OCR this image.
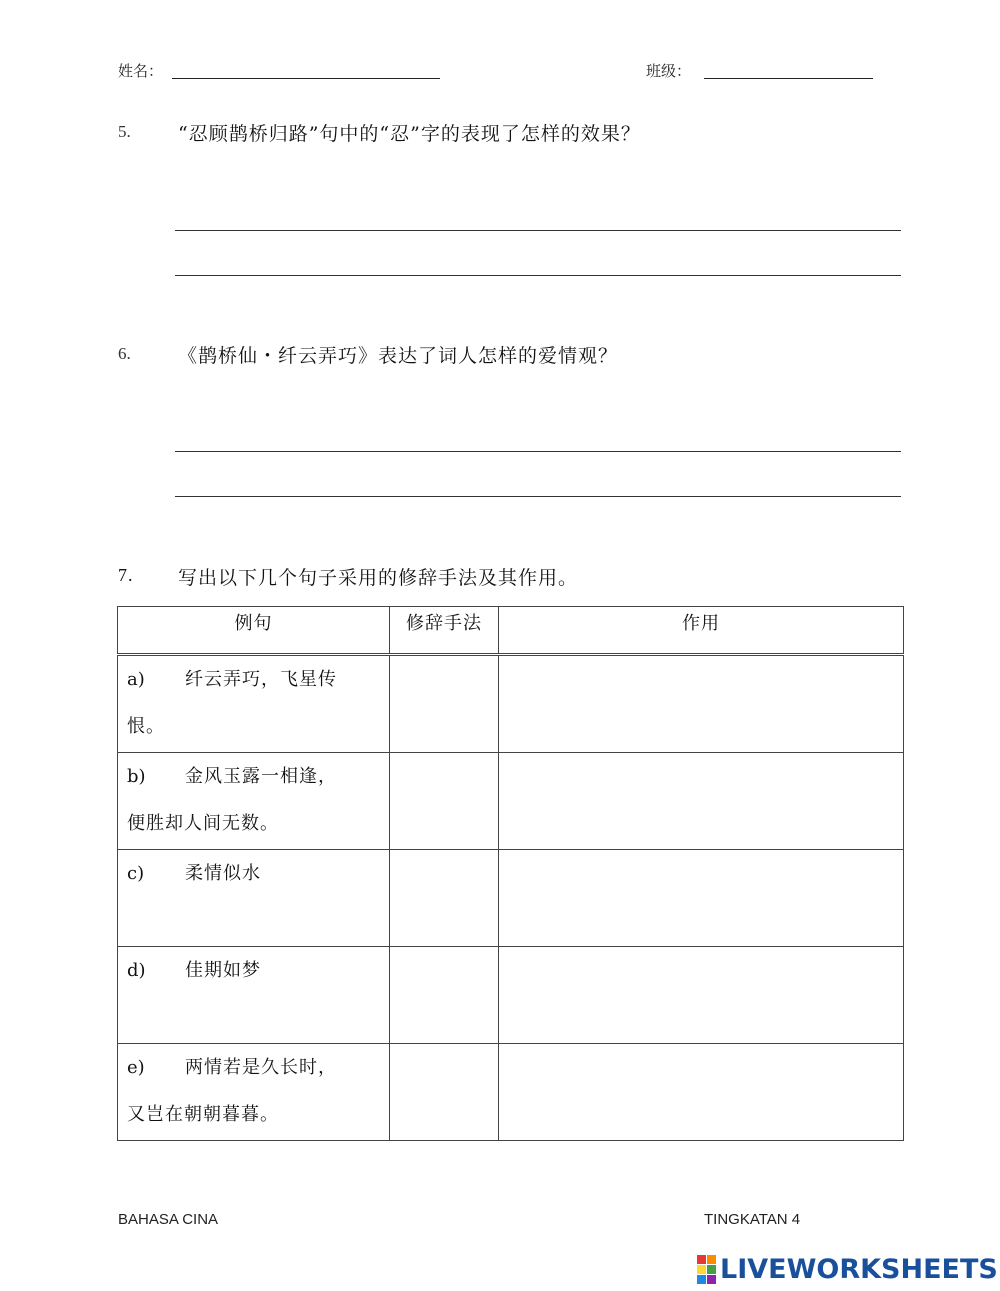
姓名：	班级：
5. “忍顾鹊桥归路”句中的“忍”字的表现了怎样的效果？
6. 《鹊桥仙・纤云弄巧》表达了词人怎样的爱情观？
7. 写出以下几个句子采用的修辞手法及其作用。
例句	修辞手法	作用

a) 纤云弄巧，飞星传
恨。		

b) 金风玉露一相逢，
便胜却人间无数。		

c) 柔情似水		

d) 佳期如梦		

e) 两情若是久长时，
又岂在朝朝暮暮。		

BAHASA CINA	TINGKATAN 4
LIVEWORKSHEETS
